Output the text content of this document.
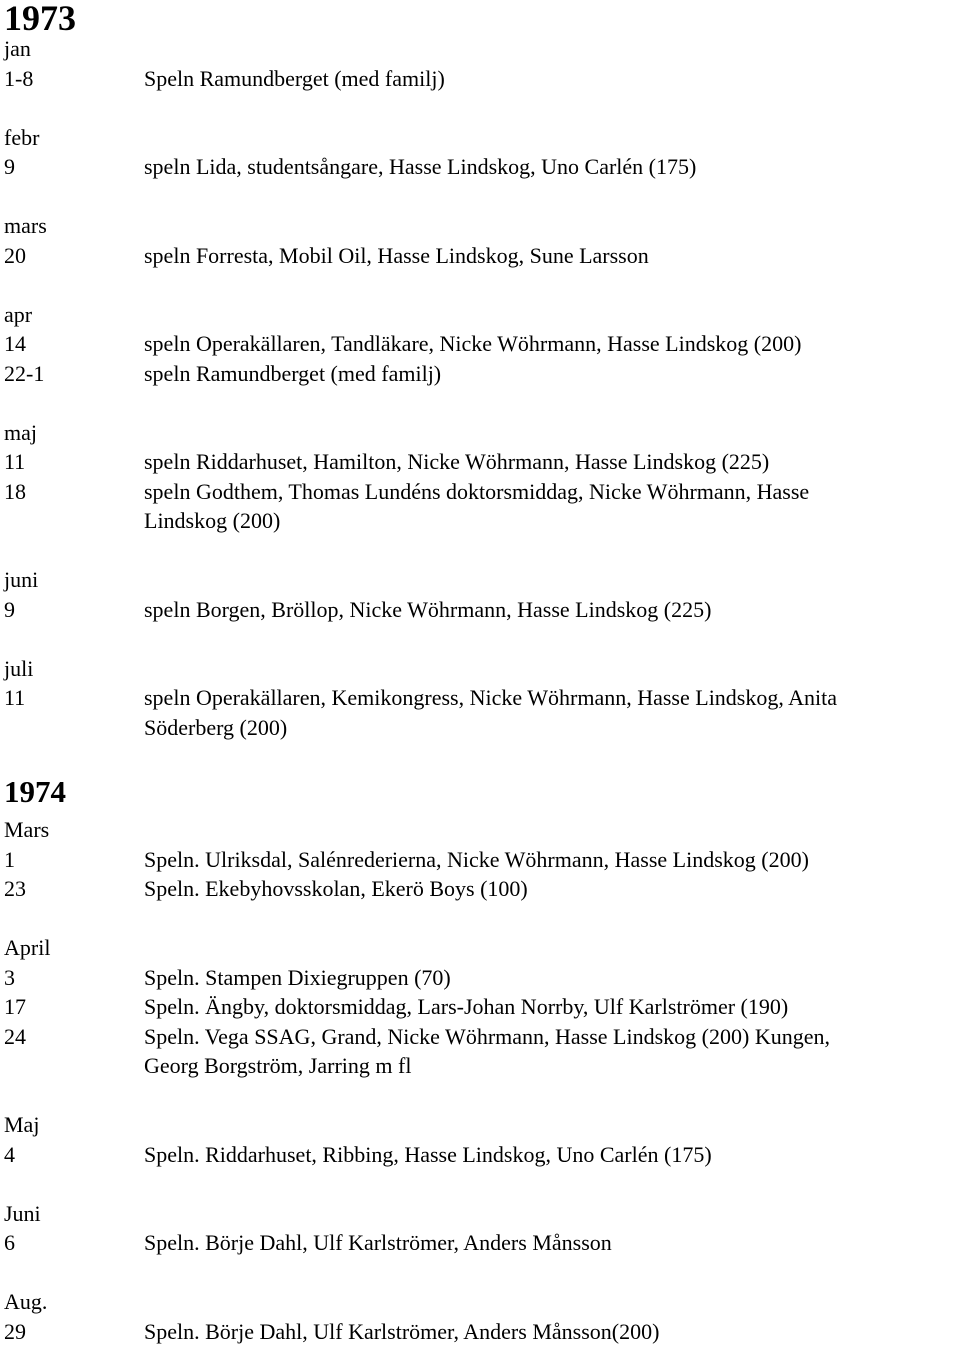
1973
jan
1-8	Speln Ramundberget (med familj)
febr
9	speln Lida, studentsångare, Hasse Lindskog, Uno Carlén (175)
mars
20	speln Forresta, Mobil Oil, Hasse Lindskog, Sune Larsson
apr
14	speln Operakällaren, Tandläkare, Nicke Wöhrmann, Hasse Lindskog (200)
22-1	speln Ramundberget (med familj)
maj
11	speln Riddarhuset, Hamilton, Nicke Wöhrmann, Hasse Lindskog (225)
18	speln Godthem, Thomas Lundéns doktorsmiddag, Nicke Wöhrmann, Hasse
Lindskog (200)
juni
9	speln Borgen, Bröllop, Nicke Wöhrmann, Hasse Lindskog (225)
juli
11	speln Operakällaren, Kemikongress, Nicke Wöhrmann, Hasse Lindskog, Anita
Söderberg (200)
1974
Mars
1	Speln. Ulriksdal, Salénrederierna, Nicke Wöhrmann, Hasse Lindskog (200)
23	Speln. Ekebyhovsskolan, Ekerö Boys (100)
April
3	Speln. Stampen Dixiegruppen (70)
17	Speln. Ängby, doktorsmiddag, Lars-Johan Norrby, Ulf Karlströmer (190)
24	Speln. Vega SSAG, Grand, Nicke Wöhrmann, Hasse Lindskog (200) Kungen,
Georg Borgström, Jarring m fl
Maj
4	Speln. Riddarhuset, Ribbing, Hasse Lindskog, Uno Carlén (175)
Juni
6	Speln. Börje Dahl, Ulf Karlströmer, Anders Månsson
Aug.
29	Speln. Börje Dahl, Ulf Karlströmer, Anders Månsson(200)
